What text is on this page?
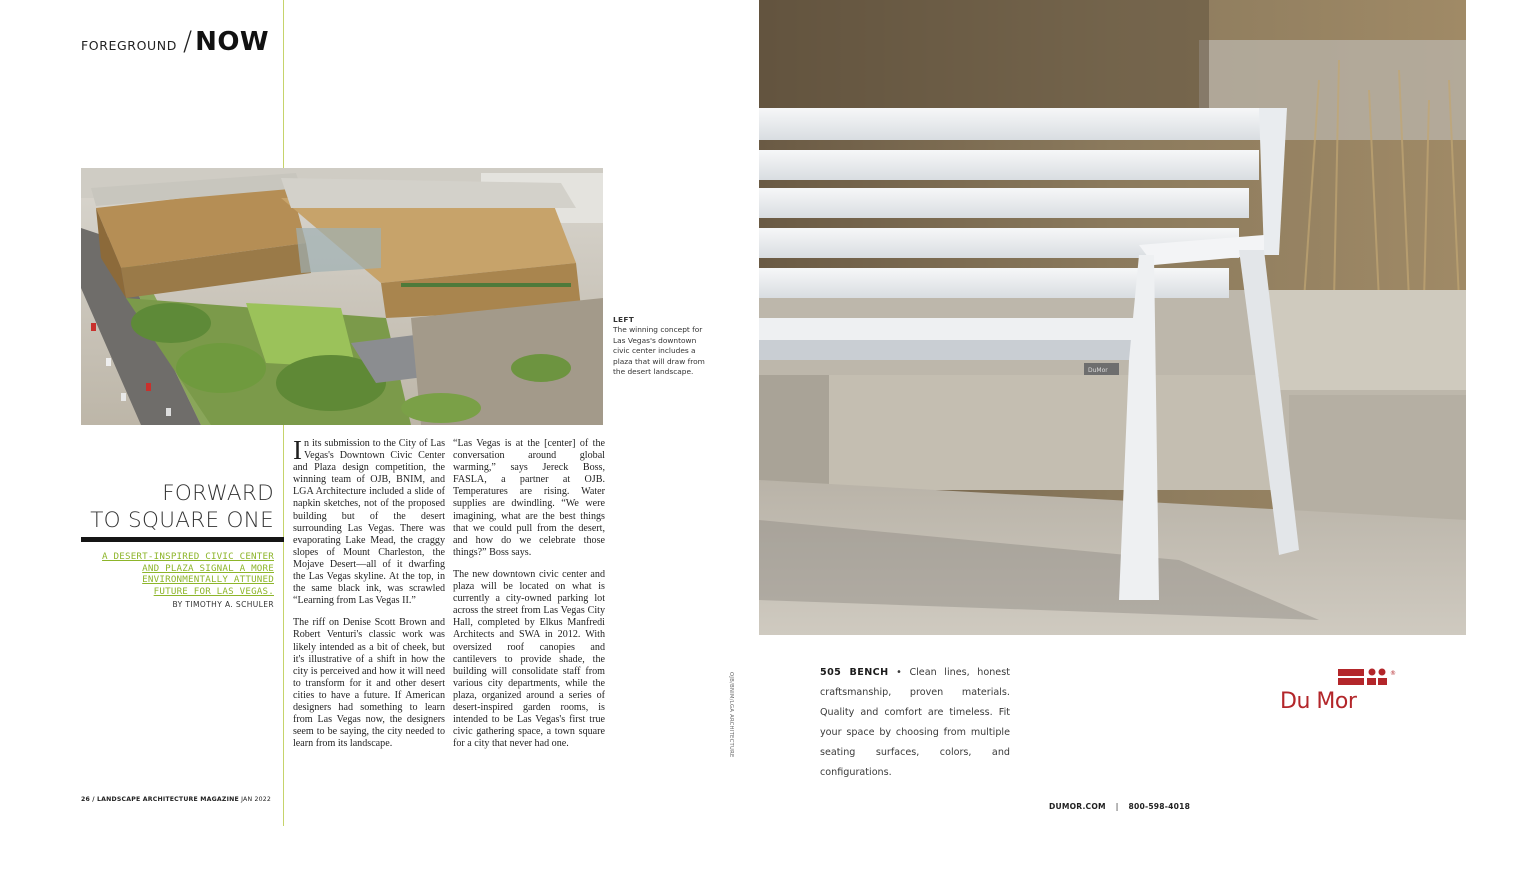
FOREGROUND / NOW
LEFT
The winning concept for Las Vegas's downtown civic center includes a plaza that will draw from the desert landscape.
OJB/BNIM/LGA ARCHITECTURE
FORWARD
TO SQUARE ONE
A DESERT-INSPIRED CIVIC CENTER
AND PLAZA SIGNAL A MORE
ENVIRONMENTALLY ATTUNED
FUTURE FOR LAS VEGAS.
BY TIMOTHY A. SCHULER

In its submission to the City of Las Vegas's Downtown Civic Center and Plaza design competition, the winning team of OJB, BNIM, and LGA Architecture included a slide of napkin sketches, not of the proposed building but of the desert surrounding Las Vegas. There was evaporating Lake Mead, the craggy slopes of Mount Charleston, the Mojave Desert—all of it dwarfing the Las Vegas skyline. At the top, in the same black ink, was scrawled “Learning from Las Vegas II.”

The riff on Denise Scott Brown and Robert Venturi's classic work was likely intended as a bit of cheek, but it's illustrative of a shift in how the city is perceived and how it will need to transform for it and other desert cities to have a future. If American designers had something to learn from Las Vegas now, the designers seem to be saying, the city needed to learn from its landscape.

“Las Vegas is at the [center] of the conversation around global warming,” says Jereck Boss, FASLA, a partner at OJB. Temperatures are rising. Water supplies are dwindling. “We were imagining, what are the best things that we could pull from the desert, and how do we celebrate those things?” Boss says.

The new downtown civic center and plaza will be located on what is currently a city-owned parking lot across the street from Las Vegas City Hall, completed by Elkus Manfredi Architects and SWA in 2012. With oversized roof canopies and cantilevers to provide shade, the building will consolidate staff from various city departments, while the plaza, organized around a series of desert-inspired garden rooms, is intended to be Las Vegas's first true civic gathering space, a town square for a city that never had one.

26 / LANDSCAPE ARCHITECTURE MAGAZINE JAN 2022
DuMor
505 BENCH • Clean lines, honest craftsmanship, proven materials. Quality and comfort are timeless. Fit your space by choosing from multiple seating surfaces, colors, and configurations.
Du Mor
®
DUMOR.COM | 800-598-4018
